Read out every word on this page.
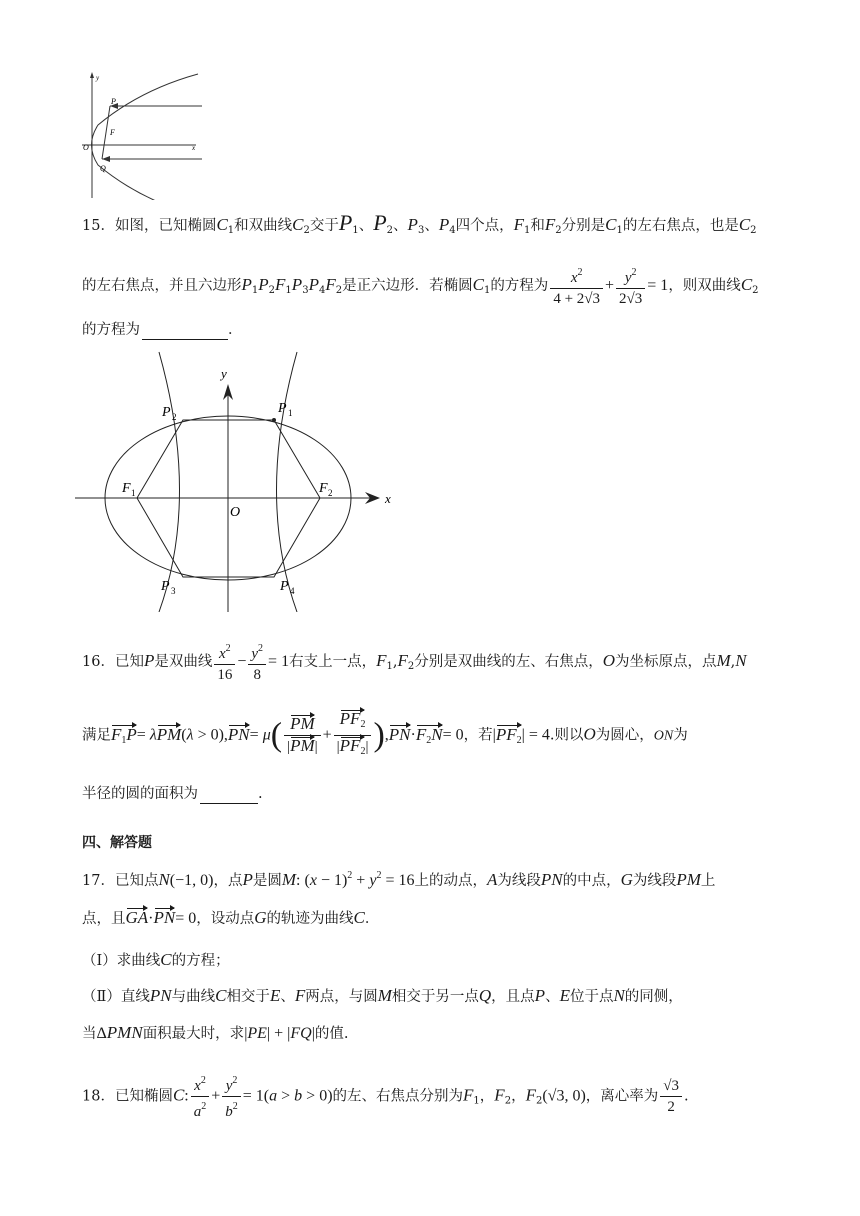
y
x
O
P
F
Q
15．如图，已知椭圆$C_1$和双曲线$C_2$交于$P_1$、$P_2$、$P_3$、$P_4$四个点，$F_1$和$F_2$分别是$C_1$的左右焦点，也是$C_2$
的左右焦点，并且六边形$P_1P_2F_1P_3P_4F_2$是正六边形．若椭圆$C_1$的方程为 $\frac{x^2}{4 + 2√3} + \frac{y^2}{2√3} = 1$，则双曲线$C_2$
的方程为	．
x
y
O
P 2
P 1
F 1	F 2
P 3	P 4
16．已知P是双曲线 $\frac{x^2}{16} - \frac{y^2}{8} = 1$右支上一点，$F_1,F_2$分别是双曲线的左、右焦点，O为坐标原点，点M,N
满足$F_1P= \lambda PM(\lambda > 0),PN= \mu( \frac{PM}{|PM|} + \frac{PF_2}{|PF_2|} ),PN\cdot F_2N= 0$，若$|PF_2| = 4$.则以O为圆心，ON为
半径的圆的面积为	.
四、解答题
17．已知点N(−1, 0)，点P是圆M: $(x - 1)^2 + y^2 = 16$上的动点，A为线段PN的中点，G为线段PM上
点，且GA·PN= 0，设动点G的轨迹为曲线C．
（Ⅰ）求曲线C的方程；
（Ⅱ）直线PN与曲线C相交于E、F两点，与圆M相交于另一点Q，且点P、E位于点N的同侧，
当ΔPMN面积最大时，求|PE| + |FQ|的值.
18．已知椭圆C: $\frac{x^2}{a^2} + \frac{y^2}{b^2} = 1(a > b > 0)$的左、右焦点分别为$F_1$，$F_2$，$F_2(√3$, 0)，离心率为 $\frac{√3}{2}$ .
